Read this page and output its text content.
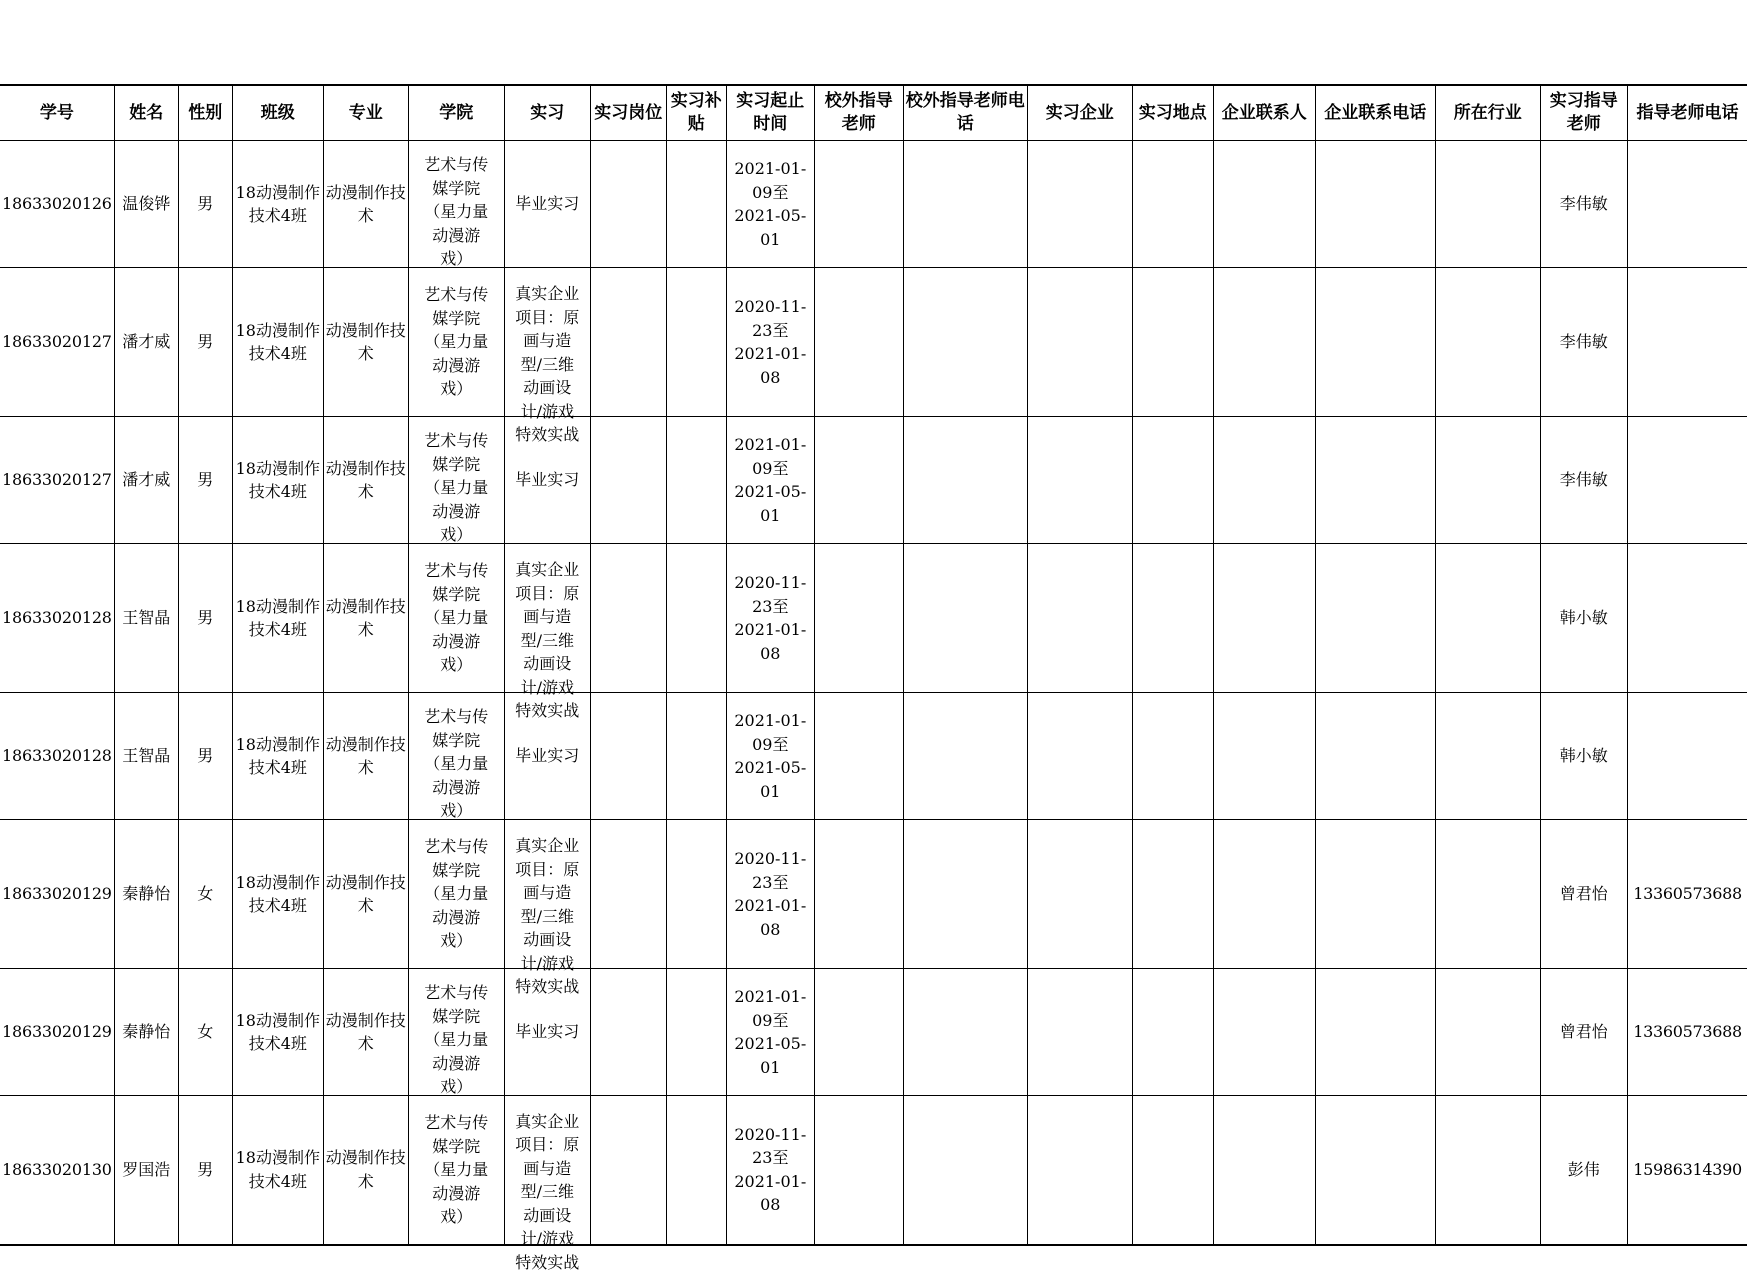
学号	姓名	性别	班级	专业	学院	实习	实习岗位	实习补贴	实习起止时间	校外指导老师	校外指导老师电话	实习企业	实习地点	企业联系人	企业联系电话	所在行业	实习指导老师	指导老师电话
18633020126	温俊铧	男	18动漫制作技术4班	动漫制作技术	艺术与传媒学院（星力量动漫游戏）	毕业实习			2021-01-09至2021-05-01								李伟敏	
18633020127	潘才威	男	18动漫制作技术4班	动漫制作技术	艺术与传媒学院（星力量动漫游戏）	真实企业项目：原画与造型/三维动画设计/游戏特效实战			2020-11-23至2021-01-08								李伟敏	
18633020127	潘才威	男	18动漫制作技术4班	动漫制作技术	艺术与传媒学院（星力量动漫游戏）	毕业实习			2021-01-09至2021-05-01								李伟敏	
18633020128	王智晶	男	18动漫制作技术4班	动漫制作技术	艺术与传媒学院（星力量动漫游戏）	真实企业项目：原画与造型/三维动画设计/游戏特效实战			2020-11-23至2021-01-08								韩小敏	
18633020128	王智晶	男	18动漫制作技术4班	动漫制作技术	艺术与传媒学院（星力量动漫游戏）	毕业实习			2021-01-09至2021-05-01								韩小敏	
18633020129	秦静怡	女	18动漫制作技术4班	动漫制作技术	艺术与传媒学院（星力量动漫游戏）	真实企业项目：原画与造型/三维动画设计/游戏特效实战			2020-11-23至2021-01-08								曾君怡	13360573688
18633020129	秦静怡	女	18动漫制作技术4班	动漫制作技术	艺术与传媒学院（星力量动漫游戏）	毕业实习			2021-01-09至2021-05-01								曾君怡	13360573688
18633020130	罗国浩	男	18动漫制作技术4班	动漫制作技术	艺术与传媒学院（星力量动漫游戏）	真实企业项目：原画与造型/三维动画设计/游戏特效实战			2020-11-23至2021-01-08								彭伟	15986314390
